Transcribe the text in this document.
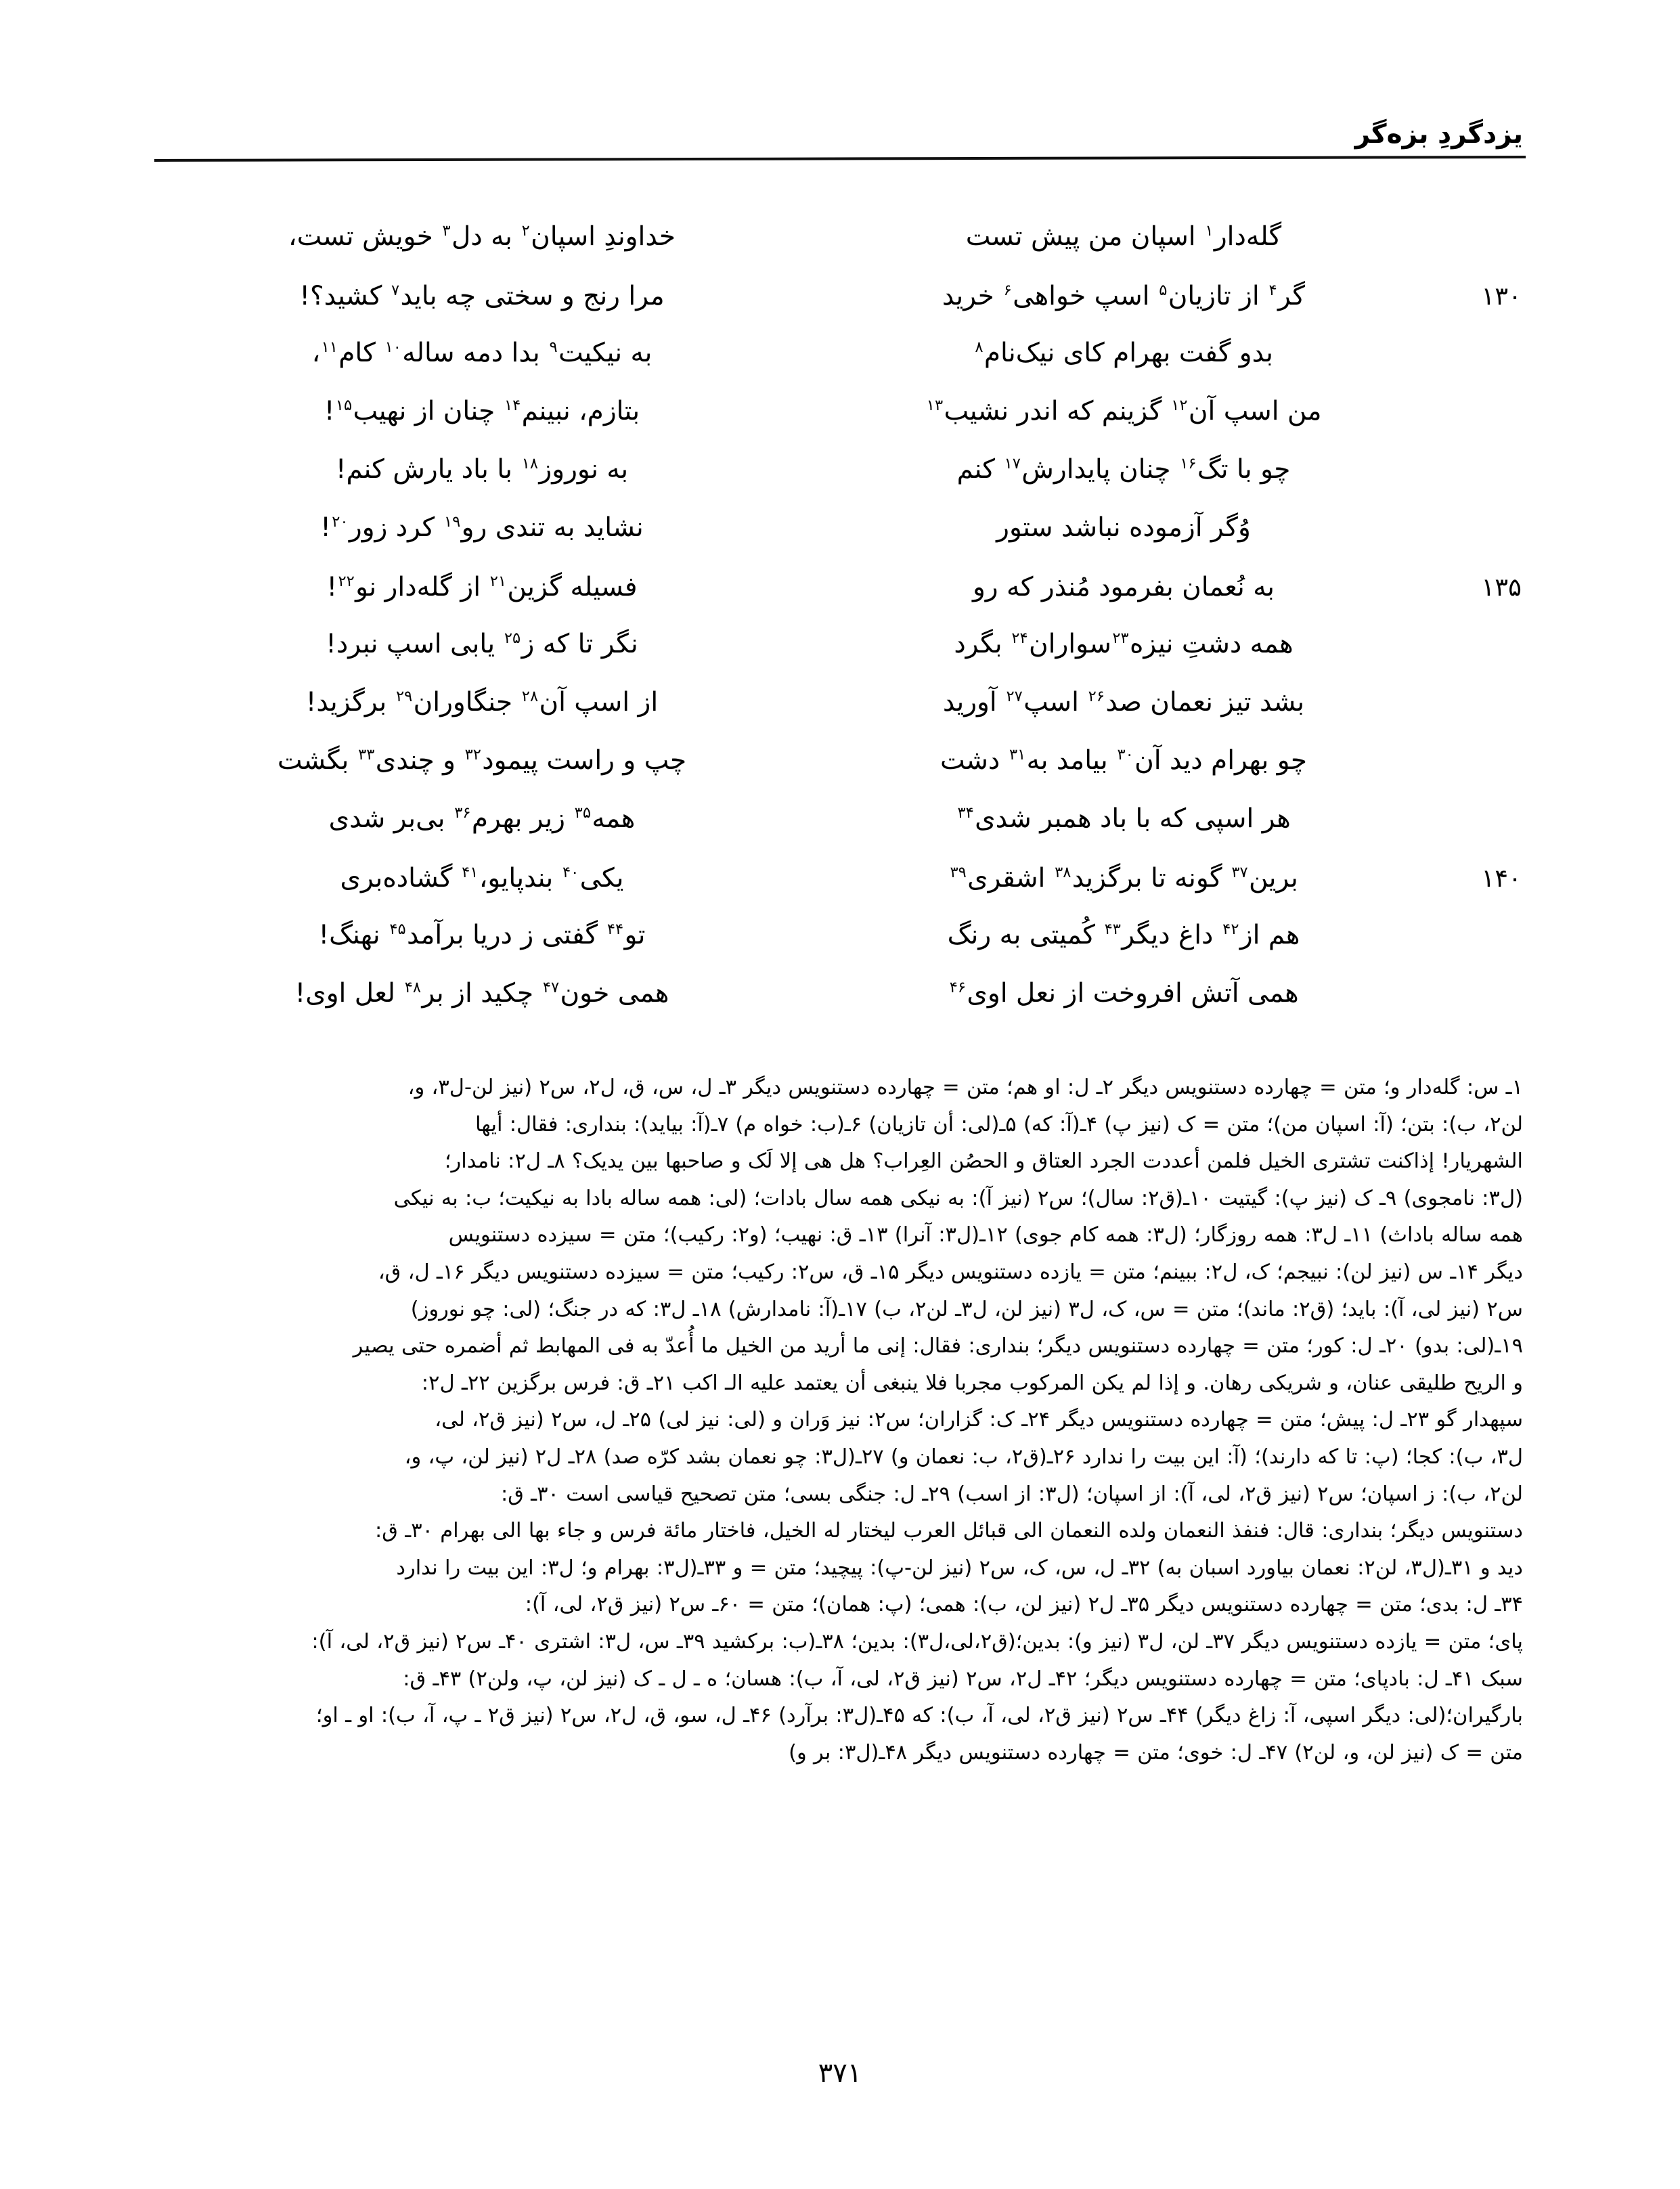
یزدگردِ بزه‌گر
گله‌دار$^۱$ اسپان من پیش تست
خداوندِ اسپان$^۲$ به دل$^۳$ خویش تست،
۱۳۰
گر$^۴$ از تازیان$^۵$ اسپ خواهی$^۶$ خرید
مرا رنج و سختی چه باید$^۷$ کشید؟!
بدو گفت بهرام کای نیک‌نام$^۸$
به نیکیت$^۹$ بدا دمه ساله$^{۱۰}$ کام$^{۱۱}$،
من اسپ آن$^{۱۲}$ گزینم که اندر نشیب$^{۱۳}$
بتازم، نبینم$^{۱۴}$ چنان از نهیب$^{۱۵}$!
چو با تگ$^{۱۶}$ چنان پایدارش$^{۱۷}$ کنم
به نوروز$^{۱۸}$ با باد یارش کنم!
وُگر آزموده نباشد ستور
نشاید به تندی رو$^{۱۹}$ کرد زور$^{۲۰}$!
۱۳۵
به نُعمان بفرمود مُنذر که رو
فسیله گزین$^{۲۱}$ از گله‌دار نو$^{۲۲}$!
همه دشتِ نیزه$^{۲۳}$سواران$^{۲۴}$ بگرد
نگر تا که ز$^{۲۵}$ یابی اسپ نبرد!
بشد تیز نعمان صد$^{۲۶}$ اسپ$^{۲۷}$ آورید
از اسپ آن$^{۲۸}$ جنگاوران$^{۲۹}$ برگزید!
چو بهرام دید آن$^{۳۰}$ بیامد به$^{۳۱}$ دشت
چپ و راست پیمود$^{۳۲}$ و چندی$^{۳۳}$ بگشت
هر اسپی که با باد همبر شدی$^{۳۴}$
همه$^{۳۵}$ زیر بهرم$^{۳۶}$ بی‌بر شدی
۱۴۰
برین$^{۳۷}$ گونه تا برگزید$^{۳۸}$ اشقری$^{۳۹}$
یکی$^{۴۰}$ بندپایو،$^{۴۱}$ گشاده‌بری
هم از$^{۴۲}$ داغ دیگر$^{۴۳}$ کُمیتی به رنگ
تو$^{۴۴}$ گفتی ز دریا برآمد$^{۴۵}$ نهنگ!
همی آتش افروخت از نعل اوی$^{۴۶}$
همی خون$^{۴۷}$ چکید از بر$^{۴۸}$ لعل اوی!
۱ـ س: گله‌دار و؛ متن = چهارده دستنویس دیگر ۲ـ ل: او هم؛ متن = چهارده دستنویس دیگر ۳ـ ل، س، ق، ل۲، س۲ (نیز لن-ل۳، و،
لن۲، ب): بتن؛ (آ: اسپان من)؛ متن = ک (نیز پ) ۴ـ(آ: که) ۵ـ(لی: أن تازیان) ۶ـ(ب: خواه م) ۷ـ(آ: بیاید): بنداری: فقال: أیها
الشهریار! إذاکنت تشتری الخیل فلمن أعددت الجرد العتاق و الحصُن العِراب؟ هل هی إلا لَک و صاحبها بین یدیک؟ ۸ـ ل۲: نامدار؛
(ل۳: نامجوی) ۹ـ ک (نیز پ): گیتیت ۱۰ـ(ق۲: سال)؛ س۲ (نیز آ): به نیکی همه سال بادات؛ (لی: همه ساله بادا به نیکیت؛ ب: به نیکی
همه ساله باداث) ۱۱ـ ل۳: همه روزگار؛ (ل۳: همه کام جوی) ۱۲ـ(ل۳: آنرا) ۱۳ـ ق: نهیب؛ (و۲: رکیب)؛ متن = سیزده دستنویس
دیگر ۱۴ـ س (نیز لن): نبیجم؛ ک، ل۲: ببینم؛ متن = یازده دستنویس دیگر ۱۵ـ ق، س۲: رکیب؛ متن = سیزده دستنویس دیگر ۱۶ـ ل، ق،
س۲ (نیز لی، آ): باید؛ (ق۲: ماند)؛ متن = س، ک، ل۳ (نیز لن، ل۳ـ لن۲، ب) ۱۷ـ(آ: نامدارش) ۱۸ـ ل۳: که در جنگ؛ (لی: چو نوروز)
۱۹ـ(لی: بدو) ۲۰ـ ل: کور؛ متن = چهارده دستنویس دیگر؛ بنداری: فقال: إنی ما أرید من الخیل ما أُعدّ به فی المهابط ثم أضمره حتی یصیر
و الریح طلیقی عنان، و شریکی رهان. و إذا لم یکن المرکوب مجربا فلا ینبغی أن یعتمد علیه الـ اکب ۲۱ـ ق: فرس برگزین ۲۲ـ ل۲:
سپهدار گو ۲۳ـ ل: پیش؛ متن = چهارده دستنویس دیگر ۲۴ـ ک: گزاران؛ س۲: نیز وَران و (لی: نیز لی) ۲۵ـ ل، س۲ (نیز ق۲، لی،
ل۳، ب): کجا؛ (پ: تا که دارند)؛ (آ: این بیت را ندارد ۲۶ـ(ق۲، ب: نعمان و) ۲۷ـ(ل۳: چو نعمان بشد کرّه صد) ۲۸ـ ل۲ (نیز لن، پ، و،
لن۲، ب): ز اسپان؛ س۲ (نیز ق۲، لی، آ): از اسپان؛ (ل۳: از اسب) ۲۹ـ ل: جنگی بسی؛ متن تصحیح قیاسی است ۳۰ـ ق:
دستنویس دیگر؛ بنداری: قال: فنفذ النعمان ولده النعمان الی قبائل العرب لیختار له الخیل، فاختار مائة فرس و جاء بها الی بهرام ۳۰ـ ق:
دید و ۳۱ـ(ل۳، لن۲: نعمان بیاورد اسبان به) ۳۲ـ ل، س، ک، س۲ (نیز لن-پ): پیچید؛ متن = و ۳۳ـ(ل۳: بهرام و؛ ل۳: این بیت را ندارد
۳۴ـ ل: بدی؛ متن = چهارده دستنویس دیگر ۳۵ـ ل۲ (نیز لن، ب): همی؛ (پ: همان)؛ متن = ۶۰ـ س۲ (نیز ق۲، لی، آ):
پای؛ متن = یازده دستنویس دیگر ۳۷ـ لن، ل۳ (نیز و): بدین؛(ق۲،لی،ل۳): بدین؛ ۳۸ـ(ب: برکشید ۳۹ـ س، ل۳: اشتری ۴۰ـ س۲ (نیز ق۲، لی، آ):
سبک ۴۱ـ ل: بادپای؛ متن = چهارده دستنویس دیگر؛ ۴۲ـ ل۲، س۲ (نیز ق۲، لی، آ، ب): هسان؛ ه ـ ل ـ ک (نیز لن، پ، ولن۲) ۴۳ـ ق:
بارگیران؛(لی: دیگر اسپی، آ: زاغ دیگر) ۴۴ـ س۲ (نیز ق۲، لی، آ، ب): که ۴۵ـ(ل۳: برآرد) ۴۶ـ ل، سو، ق، ل۲، س۲ (نیز ق۲ ـ پ، آ، ب): او ـ او؛
متن = ک (نیز لن، و، لن۲) ۴۷ـ ل: خوی؛ متن = چهارده دستنویس دیگر ۴۸ـ(ل۳: بر و)
۳۷۱
